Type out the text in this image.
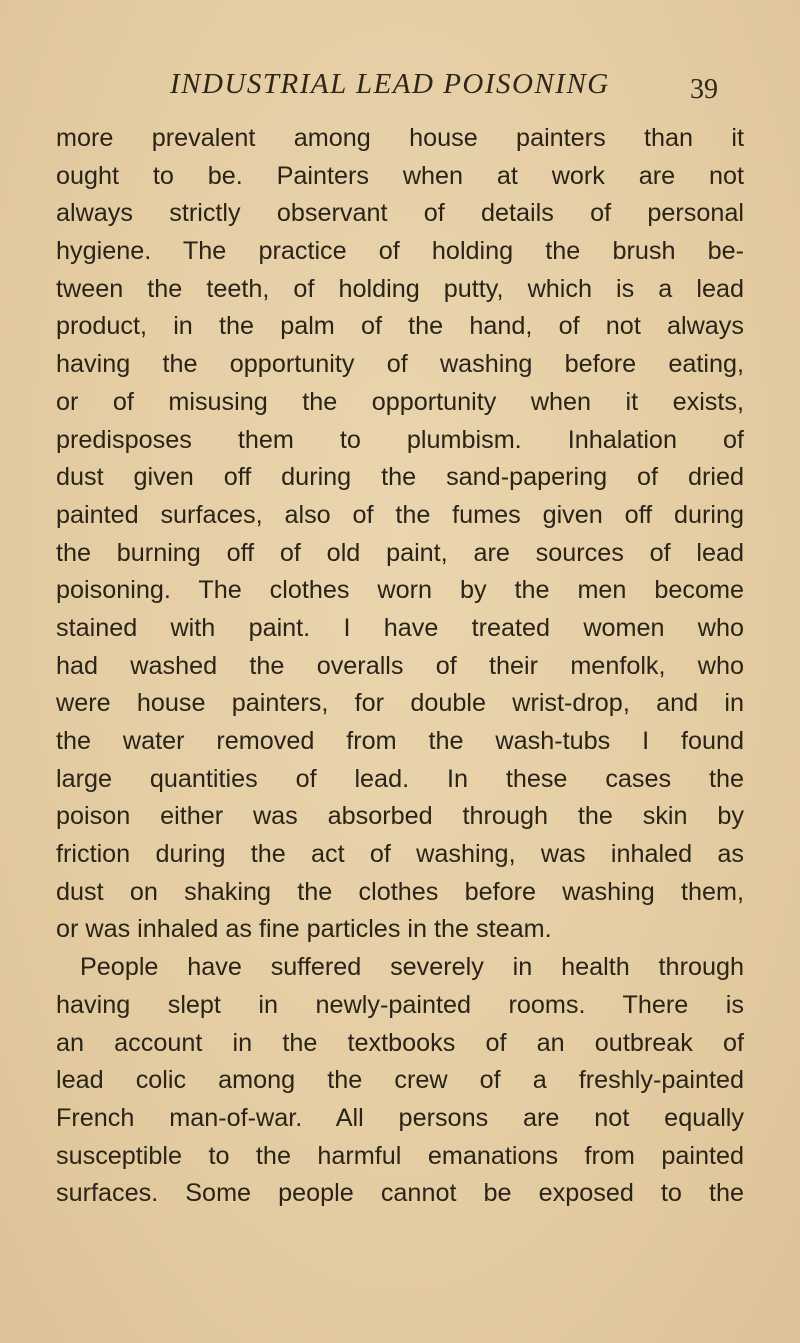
INDUSTRIAL LEAD POISONING	39
more prevalent among house painters than it
ought to be. Painters when at work are not
always strictly observant of details of personal
hygiene. The practice of holding the brush be-
tween the teeth, of holding putty, which is a lead
product, in the palm of the hand, of not always
having the opportunity of washing before eating,
or of misusing the opportunity when it exists,
predisposes them to plumbism. Inhalation of
dust given off during the sand-papering of dried
painted surfaces, also of the fumes given off during
the burning off of old paint, are sources of lead
poisoning. The clothes worn by the men become
stained with paint. I have treated women who
had washed the overalls of their menfolk, who
were house painters, for double wrist-drop, and in
the water removed from the wash-tubs I found
large quantities of lead. In these cases the
poison either was absorbed through the skin by
friction during the act of washing, was inhaled as
dust on shaking the clothes before washing them,
or was inhaled as fine particles in the steam.
People have suffered severely in health through
having slept in newly-painted rooms. There is
an account in the textbooks of an outbreak of
lead colic among the crew of a freshly-painted
French man-of-war. All persons are not equally
susceptible to the harmful emanations from painted
surfaces. Some people cannot be exposed to the
